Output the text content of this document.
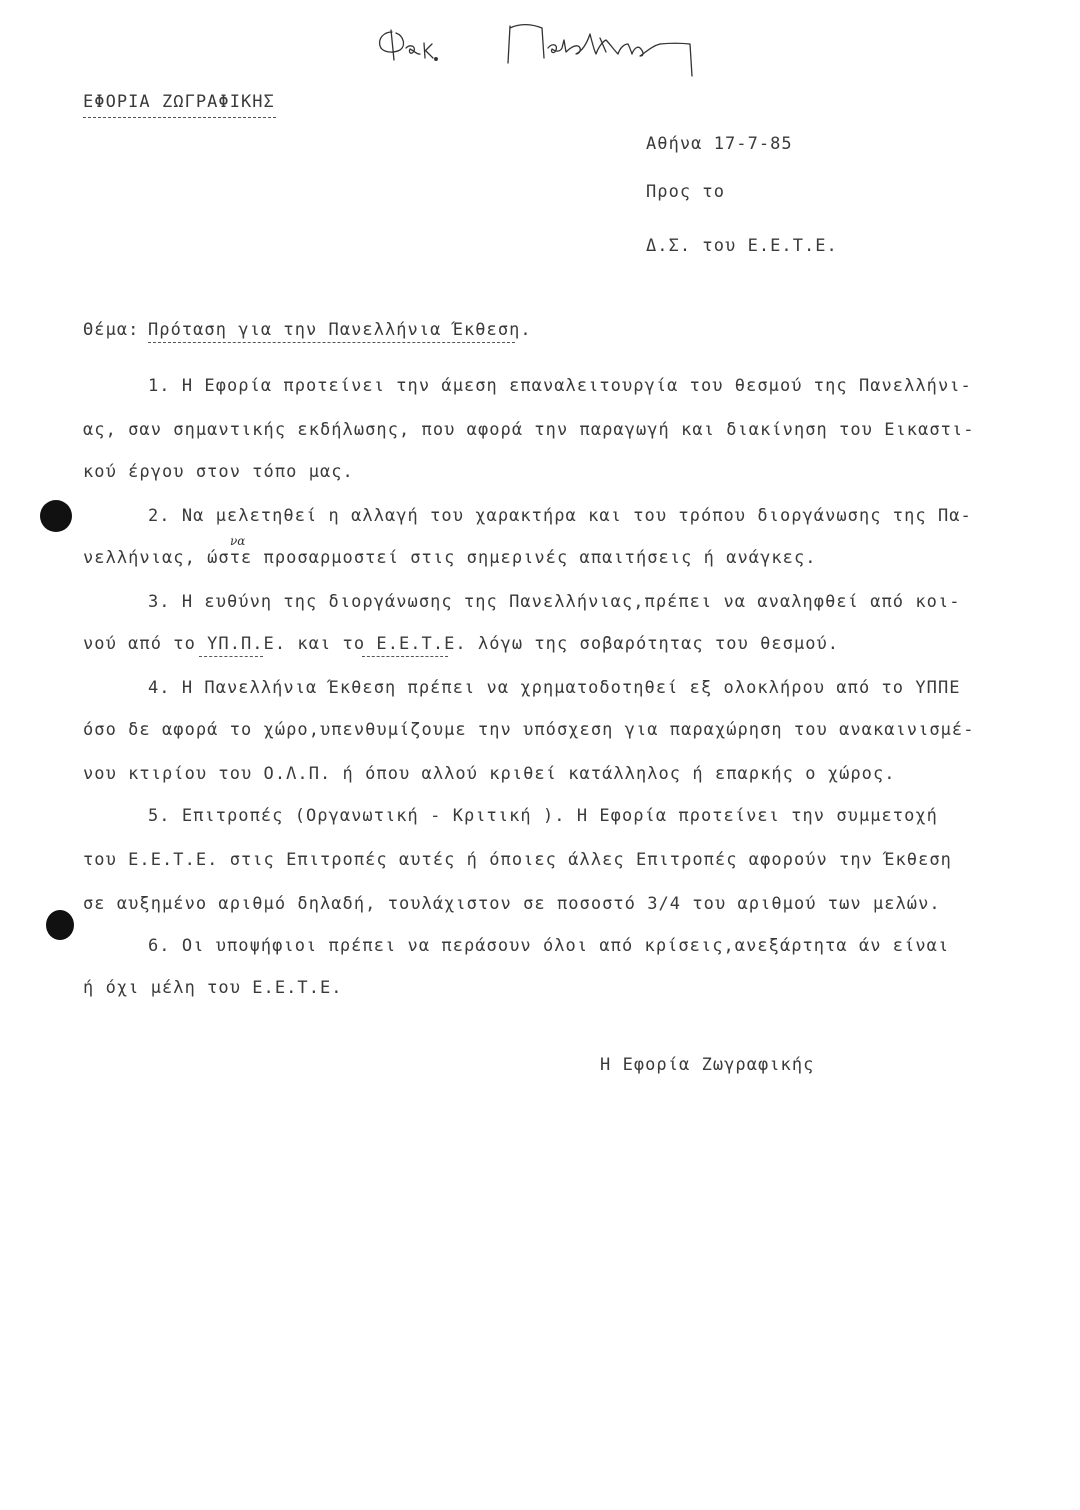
ΕΦΟΡΙΑ ΖΩΓΡΑΦΙΚΗΣ
Αθήνα 17-7-85
Προς το
Δ.Σ. του Ε.Ε.Τ.Ε.
Θέμα: Πρόταση για την Πανελλήνια Έκθεση.
1. Η Εφορία προτείνει την άμεση επαναλειτουργία του θεσμού της Πανελλήνι-
ας, σαν σημαντικής εκδήλωσης, που αφορά την παραγωγή και διακίνηση του Εικαστι-
κού έργου στον τόπο μας.
2. Να μελετηθεί η αλλαγή του χαρακτήρα και του τρόπου διοργάνωσης της Πα-
να
νελλήνιας, ώστε προσαρμοστεί στις σημερινές απαιτήσεις ή ανάγκες.
3. Η ευθύνη της διοργάνωσης της Πανελλήνιας,πρέπει να αναληφθεί από κοι-
νού από το ΥΠ.Π.Ε. και το Ε.Ε.Τ.Ε. λόγω της σοβαρότητας του θεσμού.
4. Η Πανελλήνια Έκθεση πρέπει να χρηματοδοτηθεί εξ ολοκλήρου από το ΥΠΠΕ
όσο δε αφορά το χώρο,υπενθυμίζουμε την υπόσχεση για παραχώρηση του ανακαινισμέ-
νου κτιρίου του Ο.Λ.Π. ή όπου αλλού κριθεί κατάλληλος ή επαρκής ο χώρος.
5. Επιτροπές (Οργανωτική - Κριτική ). Η Εφορία προτείνει την συμμετοχή
του Ε.Ε.Τ.Ε. στις Επιτροπές αυτές ή όποιες άλλες Επιτροπές αφορούν την Έκθεση
σε αυξημένο αριθμό δηλαδή, τουλάχιστον σε ποσοστό 3/4 του αριθμού των μελών.
6. Οι υποψήφιοι πρέπει να περάσουν όλοι από κρίσεις,ανεξάρτητα άν είναι
ή όχι μέλη του Ε.Ε.Τ.Ε.
Η Εφορία Ζωγραφικής
